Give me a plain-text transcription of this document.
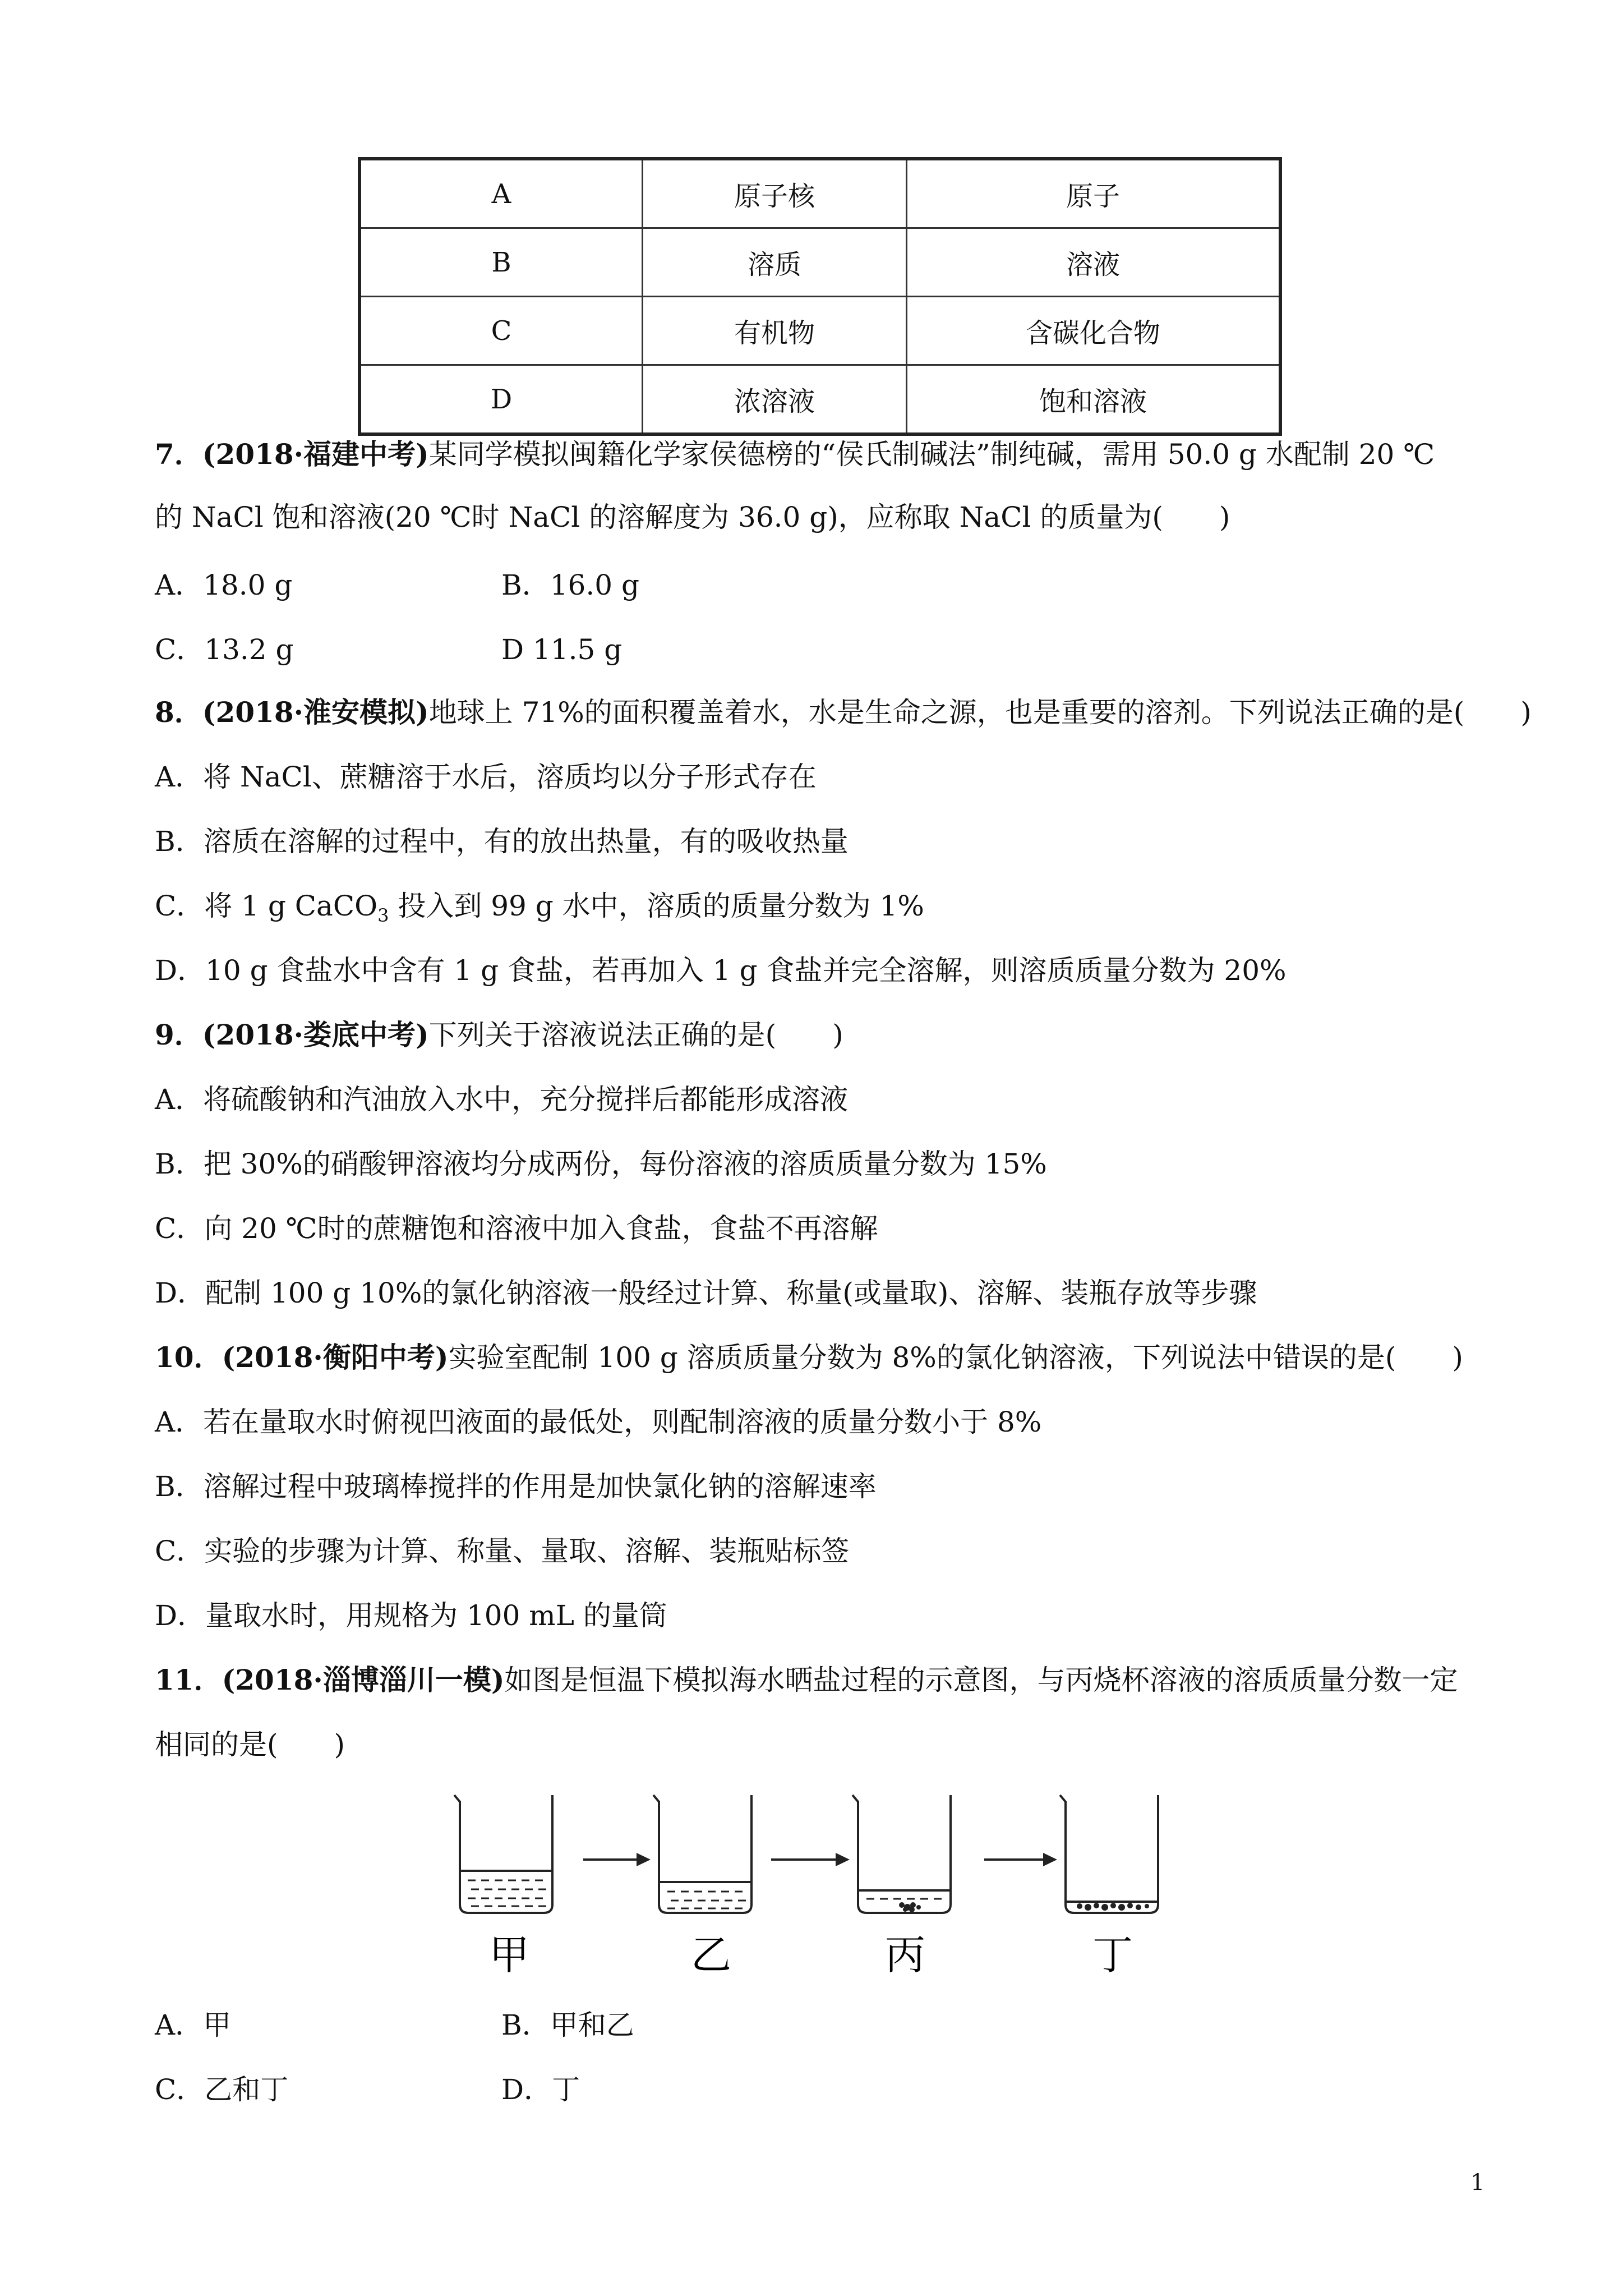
A	原子核	原子
B	溶质	溶液
C	有机物	含碳化合物
D	浓溶液	饱和溶液
7．(2018·福建中考)某同学模拟闽籍化学家侯德榜的“侯氏制碱法”制纯碱，需用 50.0 g 水配制 20 ℃
的 NaCl 饱和溶液(20 ℃时 NaCl 的溶解度为 36.0 g)，应称取 NaCl 的质量为(　　)
A．18.0 g	B．16.0 g
C．13.2 g	D 11.5 g
8．(2018·淮安模拟)地球上 71%的面积覆盖着水，水是生命之源，也是重要的溶剂。下列说法正确的是(　　)
A．将 NaCl、蔗糖溶于水后，溶质均以分子形式存在
B．溶质在溶解的过程中，有的放出热量，有的吸收热量
C．将 1 g CaCO$_3$ 投入到 99 g 水中，溶质的质量分数为 1%
D．10 g 食盐水中含有 1 g 食盐，若再加入 1 g 食盐并完全溶解，则溶质质量分数为 20%
9．(2018·娄底中考)下列关于溶液说法正确的是(　　)
A．将硫酸钠和汽油放入水中，充分搅拌后都能形成溶液
B．把 30%的硝酸钾溶液均分成两份，每份溶液的溶质质量分数为 15%
C．向 20 ℃时的蔗糖饱和溶液中加入食盐，食盐不再溶解
D．配制 100 g 10%的氯化钠溶液一般经过计算、称量(或量取)、溶解、装瓶存放等步骤
10．(2018·衡阳中考)实验室配制 100 g 溶质质量分数为 8%的氯化钠溶液，下列说法中错误的是(　　)
A．若在量取水时俯视凹液面的最低处，则配制溶液的质量分数小于 8%
B．溶解过程中玻璃棒搅拌的作用是加快氯化钠的溶解速率
C．实验的步骤为计算、称量、量取、溶解、装瓶贴标签
D．量取水时，用规格为 100 mL 的量筒
11．(2018·淄博淄川一模)如图是恒温下模拟海水晒盐过程的示意图，与丙烧杯溶液的溶质质量分数一定
相同的是(　　)
甲	乙	丙	丁
A．甲	B．甲和乙
C．乙和丁	D．丁
1
